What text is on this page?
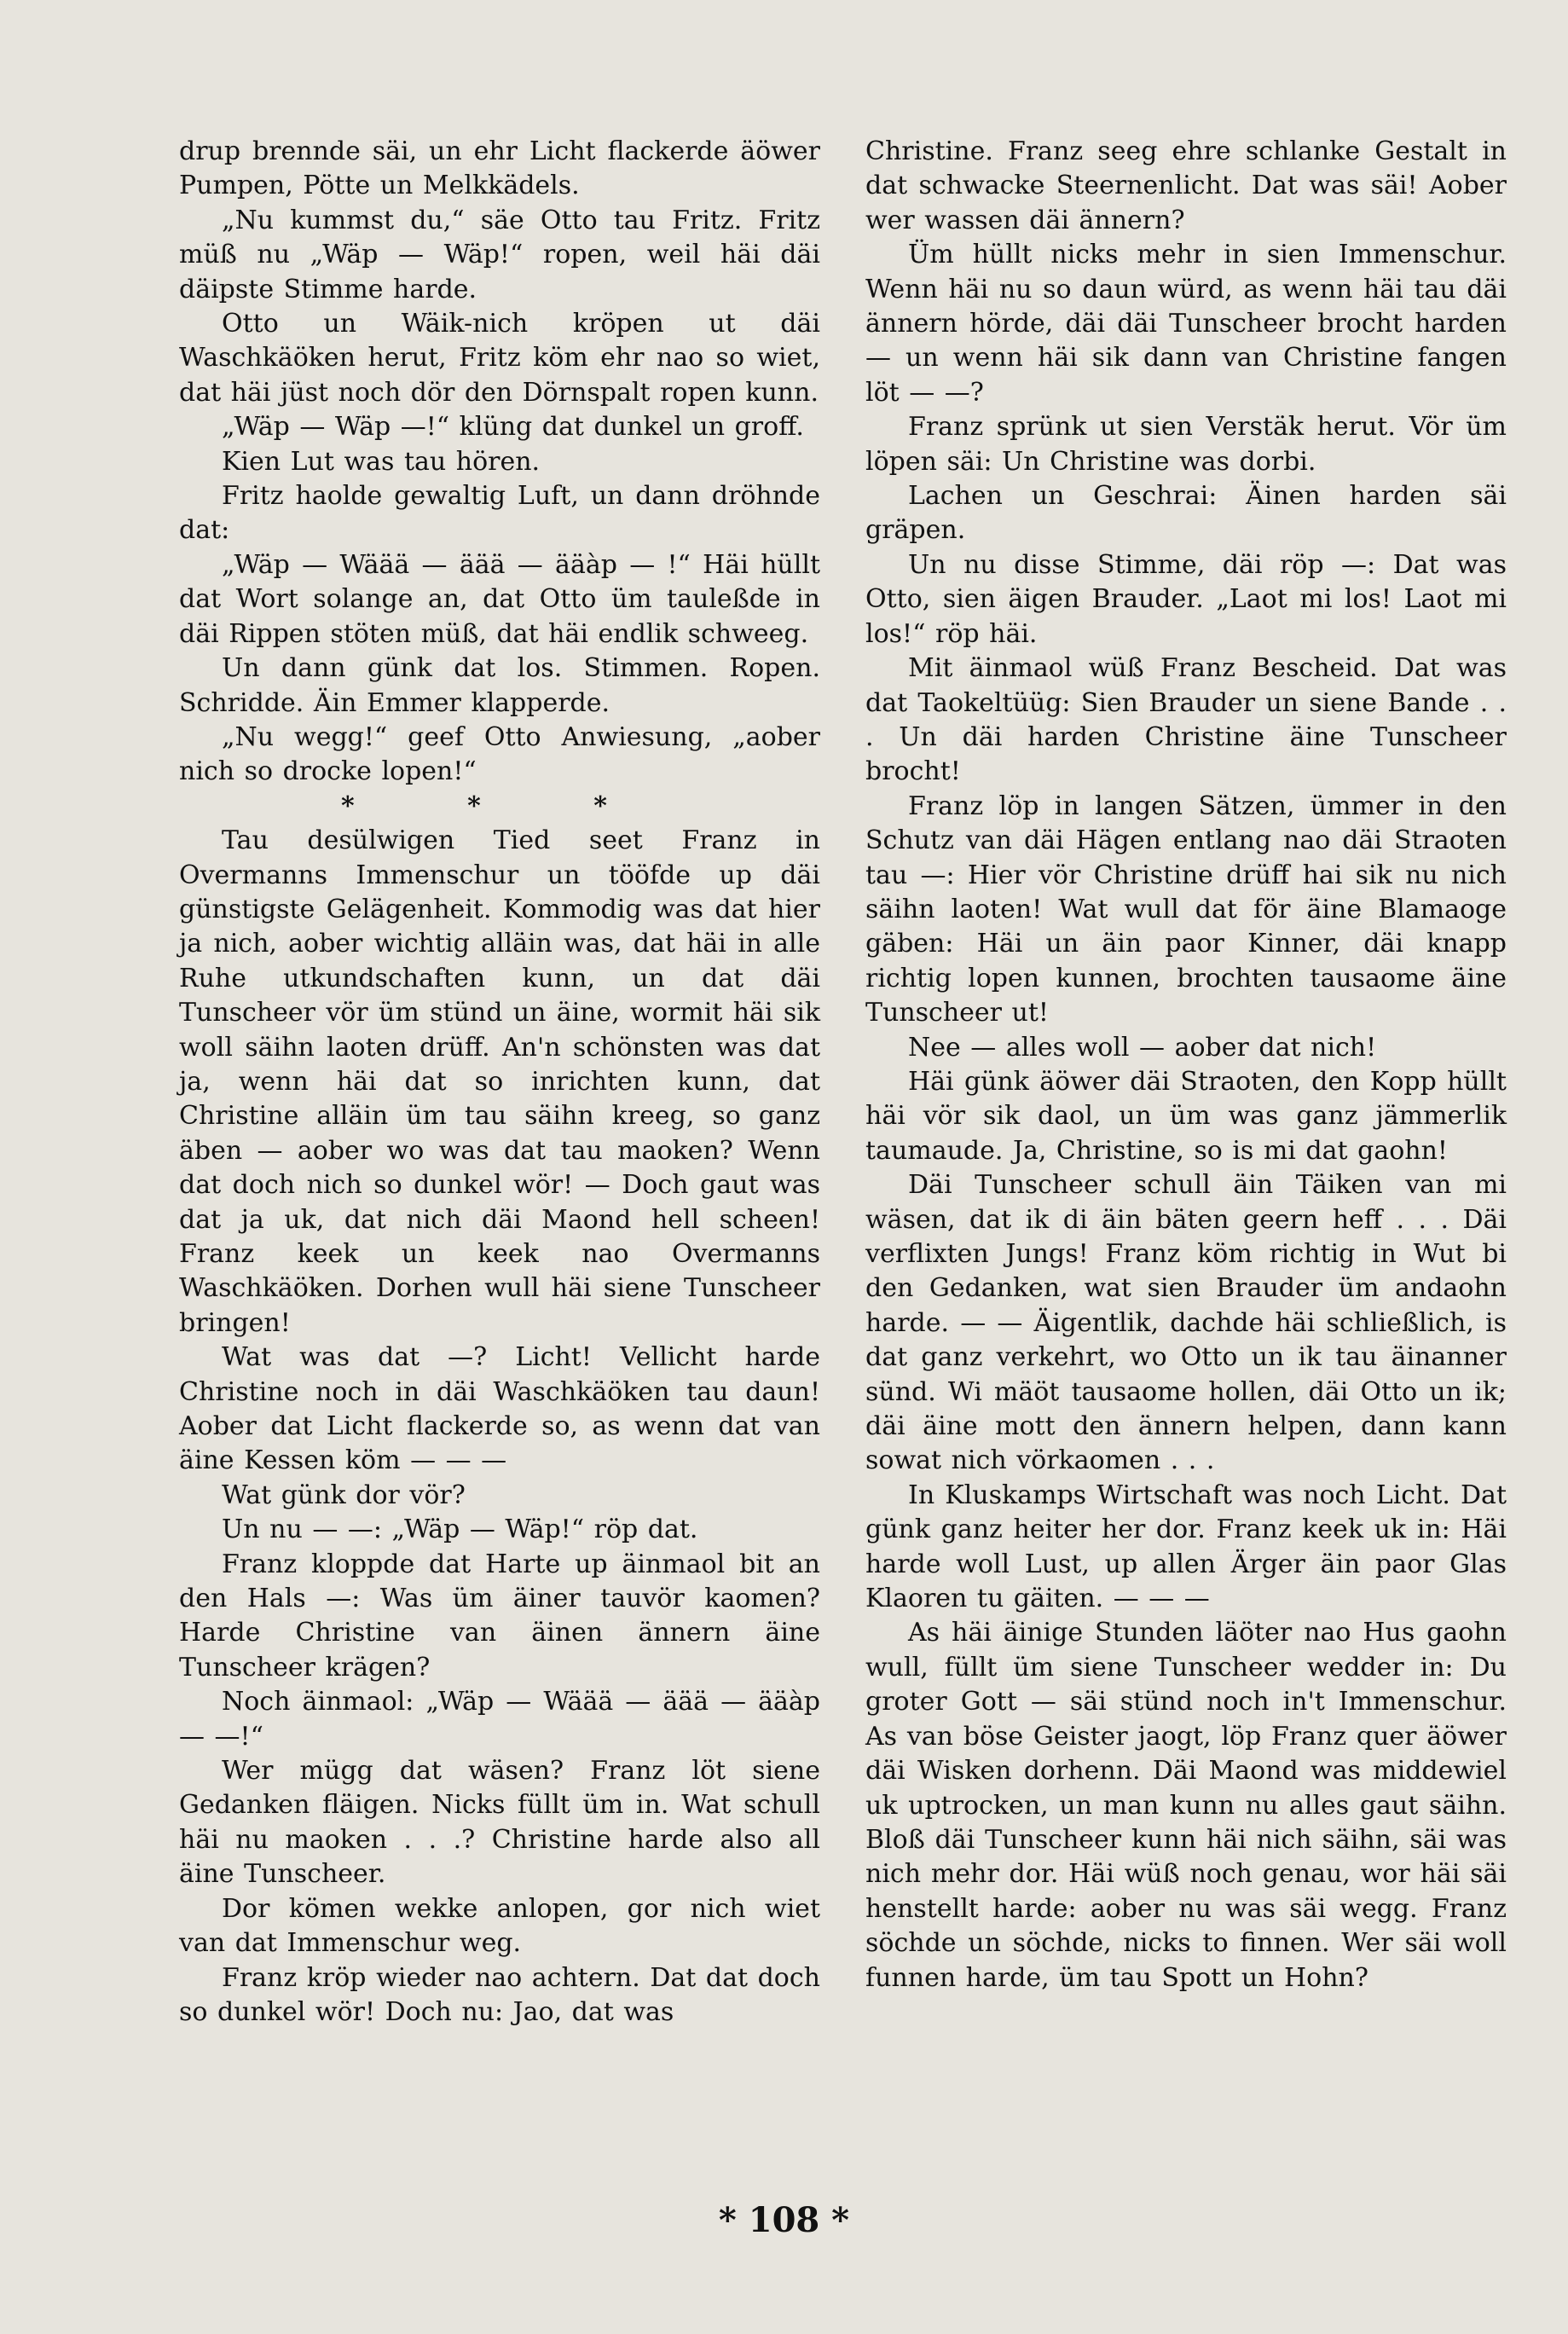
drup brennde säi, un ehr Licht flackerde äöwer Pumpen, Pötte un Melkkädels.

„Nu kummst du,“ säe Otto tau Fritz. Fritz müß nu „Wäp — Wäp!“ ropen, weil häi däi däipste Stimme harde.

Otto un Wäik-nich kröpen ut däi Waschkäöken herut, Fritz köm ehr nao so wiet, dat häi jüst noch dör den Dörnspalt ropen kunn.

„Wäp — Wäp —!“ klüng dat dunkel un groff.

Kien Lut was tau hören.

Fritz haolde gewaltig Luft, un dann dröhnde dat:

„Wäp — Wäää — äää — ääàp — !“ Häi hüllt dat Wort solange an, dat Otto üm tauleßde in däi Rippen stöten müß, dat häi endlik schweeg.

Un dann günk dat los. Stimmen. Ropen. Schridde. Äin Emmer klapperde.

„Nu wegg!“ geef Otto Anwiesung, „aober nich so drocke lopen!“

* * *

Tau desülwigen Tied seet Franz in Overmanns Immenschur un tööfde up däi günstigste Gelägenheit. Kommodig was dat hier ja nich, aober wichtig alläin was, dat häi in alle Ruhe utkundschaften kunn, un dat däi Tunscheer vör üm stünd un äine, wormit häi sik woll säihn laoten drüff. An'n schönsten was dat ja, wenn häi dat so inrichten kunn, dat Christine alläin üm tau säihn kreeg, so ganz äben — aober wo was dat tau maoken? Wenn dat doch nich so dunkel wör! — Doch gaut was dat ja uk, dat nich däi Maond hell scheen! Franz keek un keek nao Overmanns Waschkäöken. Dorhen wull häi siene Tunscheer bringen!

Wat was dat —? Licht! Vellicht harde Christine noch in däi Waschkäöken tau daun! Aober dat Licht flackerde so, as wenn dat van äine Kessen köm — — —

Wat günk dor vör?

Un nu — —: „Wäp — Wäp!“ röp dat.

Franz kloppde dat Harte up äinmaol bit an den Hals —: Was üm äiner tauvör kaomen? Harde Christine van äinen ännern äine Tunscheer krägen?

Noch äinmaol: „Wäp — Wäää — äää — ääàp — —!“

Wer mügg dat wäsen? Franz löt siene Gedanken fläigen. Nicks füllt üm in. Wat schull häi nu maoken . . .? Christine harde also all äine Tunscheer.

Dor kömen wekke anlopen, gor nich wiet van dat Immenschur weg.

Franz kröp wieder nao achtern. Dat dat doch so dunkel wör! Doch nu: Jao, dat was

Christine. Franz seeg ehre schlanke Gestalt in dat schwacke Steernenlicht. Dat was säi! Aober wer wassen däi ännern?

Üm hüllt nicks mehr in sien Immenschur. Wenn häi nu so daun würd, as wenn häi tau däi ännern hörde, däi däi Tunscheer brocht harden — un wenn häi sik dann van Christine fangen löt — —?

Franz sprünk ut sien Verstäk herut. Vör üm löpen säi: Un Christine was dorbi.

Lachen un Geschrai: Äinen harden säi gräpen.

Un nu disse Stimme, däi röp —: Dat was Otto, sien äigen Brauder. „Laot mi los! Laot mi los!“ röp häi.

Mit äinmaol wüß Franz Bescheid. Dat was dat Taokeltüüg: Sien Brauder un siene Bande . . . Un däi harden Christine äine Tunscheer brocht!

Franz löp in langen Sätzen, ümmer in den Schutz van däi Hägen entlang nao däi Straoten tau —: Hier vör Christine drüff hai sik nu nich säihn laoten! Wat wull dat för äine Blamaoge gäben: Häi un äin paor Kinner, däi knapp richtig lopen kunnen, brochten tausaome äine Tunscheer ut!

Nee — alles woll — aober dat nich!

Häi günk äöwer däi Straoten, den Kopp hüllt häi vör sik daol, un üm was ganz jämmerlik taumaude. Ja, Christine, so is mi dat gaohn!

Däi Tunscheer schull äin Täiken van mi wäsen, dat ik di äin bäten geern heff . . . Däi verflixten Jungs! Franz köm richtig in Wut bi den Gedanken, wat sien Brauder üm andaohn harde. — — Äigentlik, dachde häi schließlich, is dat ganz verkehrt, wo Otto un ik tau äinanner sünd. Wi mäöt tausaome hollen, däi Otto un ik; däi äine mott den ännern helpen, dann kann sowat nich vörkaomen . . .

In Kluskamps Wirtschaft was noch Licht. Dat günk ganz heiter her dor. Franz keek uk in: Häi harde woll Lust, up allen Ärger äin paor Glas Klaoren tu gäiten. — — —

As häi äinige Stunden läöter nao Hus gaohn wull, füllt üm siene Tunscheer wedder in: Du groter Gott — säi stünd noch in't Immenschur. As van böse Geister jaogt, löp Franz quer äöwer däi Wisken dorhenn. Däi Maond was middewiel uk uptrocken, un man kunn nu alles gaut säihn. Bloß däi Tunscheer kunn häi nich säihn, säi was nich mehr dor. Häi wüß noch genau, wor häi säi henstellt harde: aober nu was säi wegg. Franz söchde un söchde, nicks to finnen. Wer säi woll funnen harde, üm tau Spott un Hohn?

* 108 *
